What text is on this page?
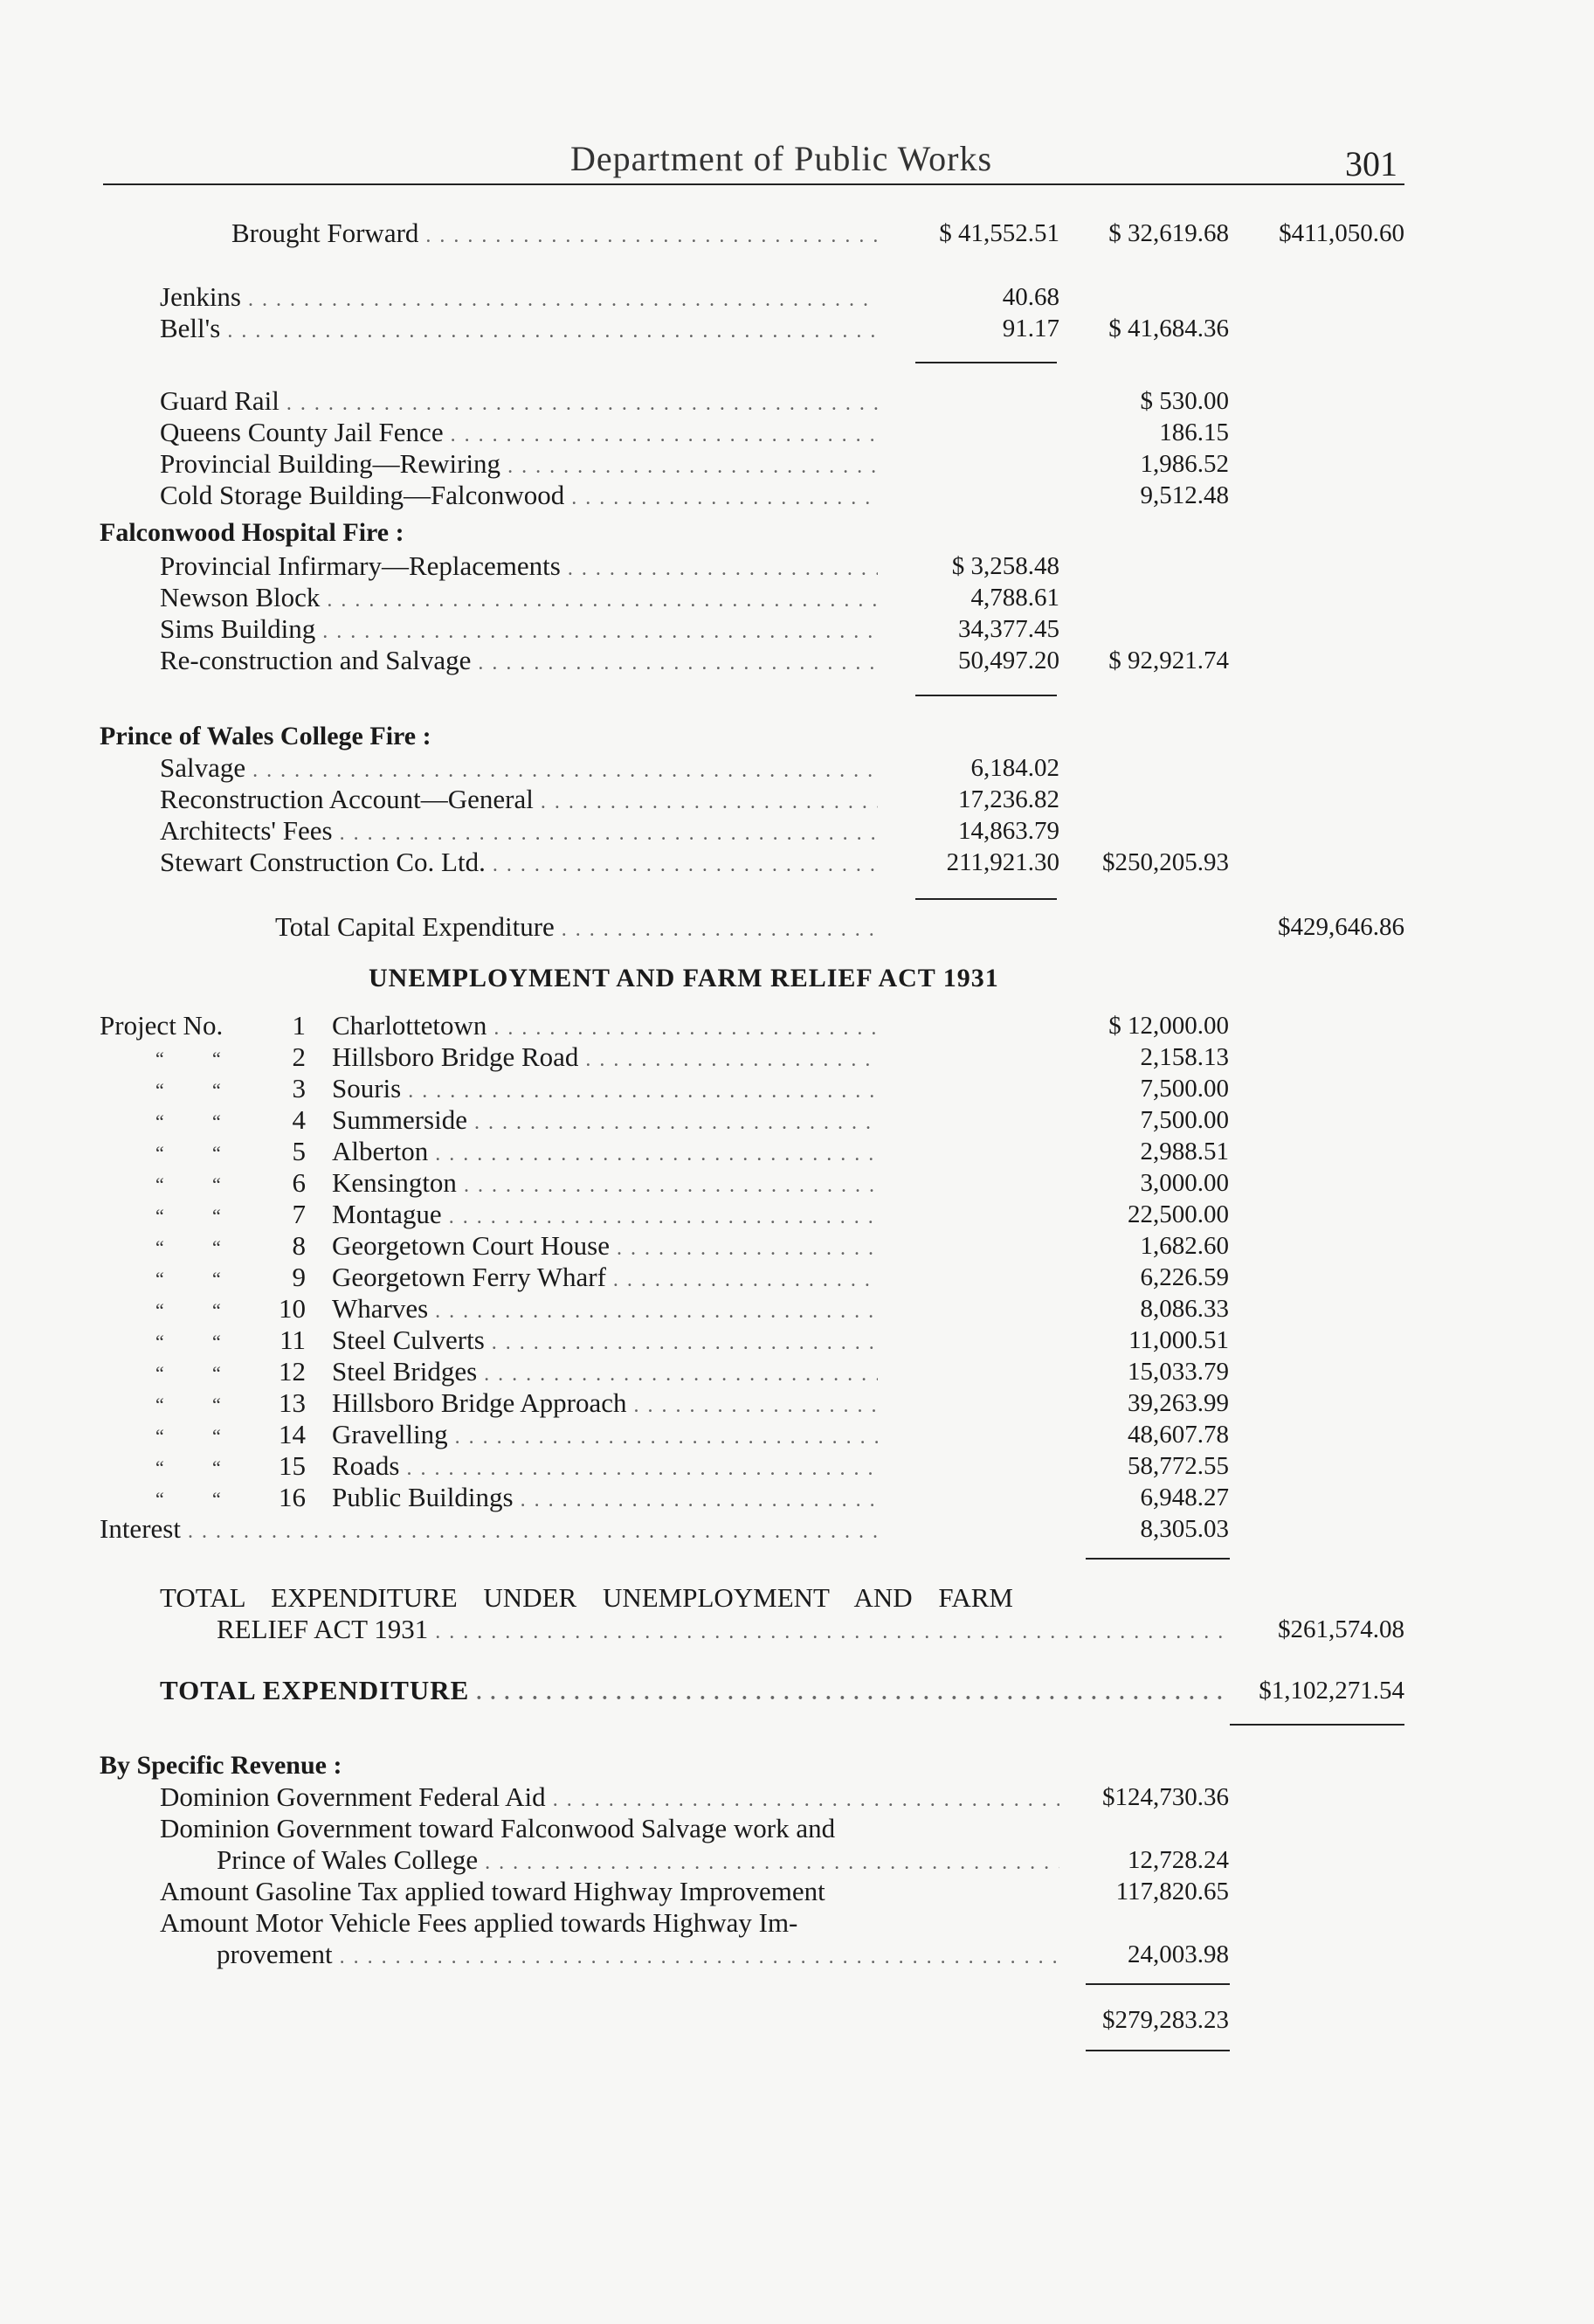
Department of Public Works	301
Brought Forward . . .	$ 41,552.51	$ 32,619.68	$411,050.60
Jenkins . . .	40.68
Bell's . . .	91.17	$ 41,684.36
Guard Rail . . .	$ 530.00
Queens County Jail Fence . . .	186.15
Provincial Building—Rewiring . . .	1,986.52
Cold Storage Building—Falconwood . . .	9,512.48
Falconwood Hospital Fire :
Provincial Infirmary—Replacements . . .	$ 3,258.48
Newson Block . . .	4,788.61
Sims Building . . .	34,377.45
Re-construction and Salvage . . .	50,497.20	$ 92,921.74
Prince of Wales College Fire :
Salvage . . .	6,184.02
Reconstruction Account—General . . .	17,236.82
Architects' Fees . . .	14,863.79
Stewart Construction Co. Ltd. . . .	211,921.30	$250,205.93
Total Capital Expenditure . . .	$429,646.86
UNEMPLOYMENT AND FARM RELIEF ACT 1931
Project No.	1 Charlottetown . . .	$ 12,000.00
“	“	2 Hillsboro Bridge Road . . .	2,158.13
“	“	3 Souris . . .	7,500.00
“	“	4 Summerside . . .	7,500.00
“	“	5 Alberton . . .	2,988.51
“	“	6 Kensington . . .	3,000.00
“	“	7 Montague . . .	22,500.00
“	“	8 Georgetown Court House . . .	1,682.60
“	“	9 Georgetown Ferry Wharf . . .	6,226.59
“	“ 10 Wharves . . .	8,086.33
“	“	11 Steel Culverts . . .	11,000.51
“	“ 12 Steel Bridges . . .	15,033.79
“	“ 13 Hillsboro Bridge Approach . . .	39,263.99
“	“ 14 Gravelling . . .	48,607.78
“	“ 15 Roads . . .	58,772.55
“	“ 16 Public Buildings . . .	6,948.27
Interest . . .	8,305.03
TOTAL EXPENDITURE UNDER UNEMPLOYMENT AND FARM
RELIEF ACT 1931 . . .	$261,574.08
TOTAL EXPENDITURE . . .	$1,102,271.54
By Specific Revenue :
Dominion Government Federal Aid . . .	$124,730.36
Dominion Government toward Falconwood Salvage work and
Prince of Wales College . . .	12,728.24
Amount Gasoline Tax applied toward Highway Improvement	117,820.65
Amount Motor Vehicle Fees applied towards Highway Im-
provement . . .	24,003.98
$279,283.23
